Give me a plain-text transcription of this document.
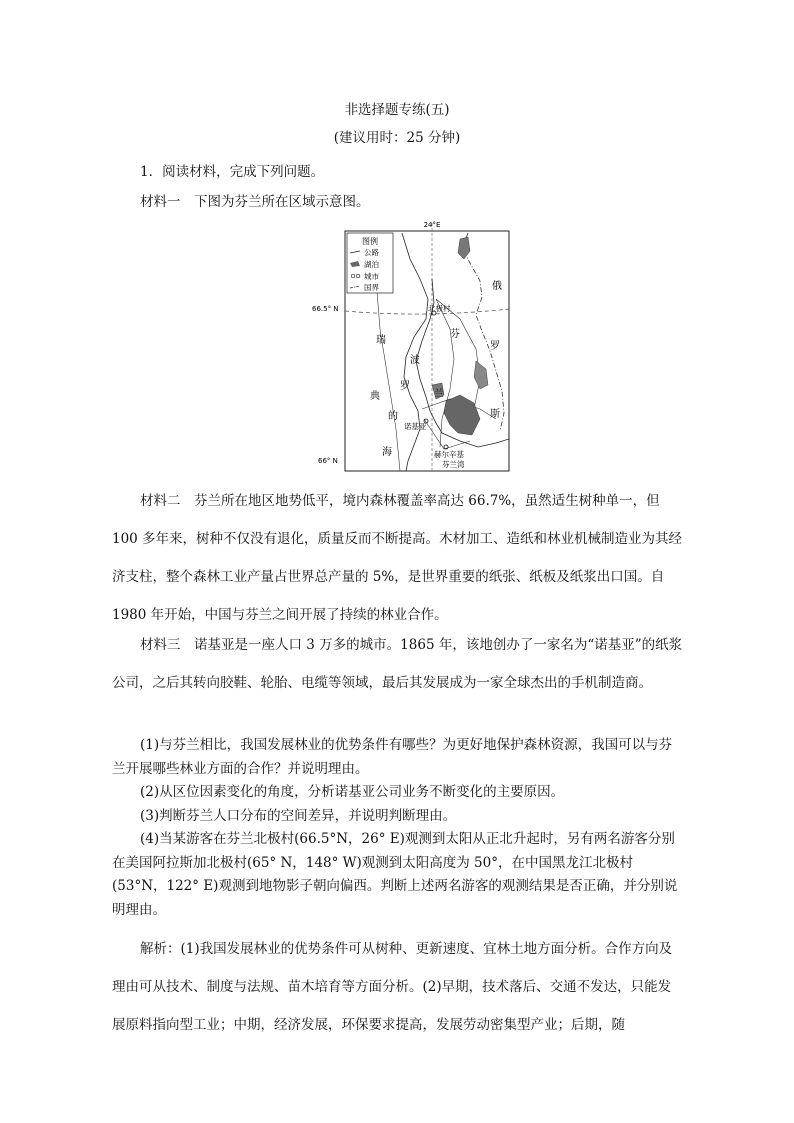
非选择题专练(五)
(建议用时：25 分钟)
1．阅读材料，完成下列问题。
材料一　下图为芬兰所在区域示意图。
图例
公路
湖泊
城市
国界
24°E
66.5° N
66° N
俄
罗
斯
芬
兰
瑞
典
波
罗
的
海
北极村
诺基亚
赫尔辛基
芬兰湾

材料二　芬兰所在地区地势低平，境内森林覆盖率高达 66.7%，虽然适生树种单一，但 100 多年来，树种不仅没有退化，质量反而不断提高。木材加工、造纸和林业机械制造业为其经济支柱，整个森林工业产量占世界总产量的 5%，是世界重要的纸张、纸板及纸浆出口国。自 1980 年开始，中国与芬兰之间开展了持续的林业合作。

材料三　诺基亚是一座人口 3 万多的城市。1865 年，该地创办了一家名为“诺基亚”的纸浆公司，之后其转向胶鞋、轮胎、电缆等领域，最后其发展成为一家全球杰出的手机制造商。

(1)与芬兰相比，我国发展林业的优势条件有哪些？为更好地保护森林资源，我国可以与芬兰开展哪些林业方面的合作？并说明理由。

(2)从区位因素变化的角度，分析诺基亚公司业务不断变化的主要原因。

(3)判断芬兰人口分布的空间差异，并说明判断理由。

(4)当某游客在芬兰北极村(66.5°N，26° E)观测到太阳从正北升起时，另有两名游客分别在美国阿拉斯加北极村(65° N，148° W)观测到太阳高度为 50°，在中国黑龙江北极村(53°N，122° E)观测到地物影子朝向偏西。判断上述两名游客的观测结果是否正确，并分别说明理由。

解析：(1)我国发展林业的优势条件可从树种、更新速度、宜林土地方面分析。合作方向及理由可从技术、制度与法规、苗木培育等方面分析。(2)早期，技术落后、交通不发达，只能发展原料指向型工业；中期，经济发展，环保要求提高，发展劳动密集型产业；后期，随
